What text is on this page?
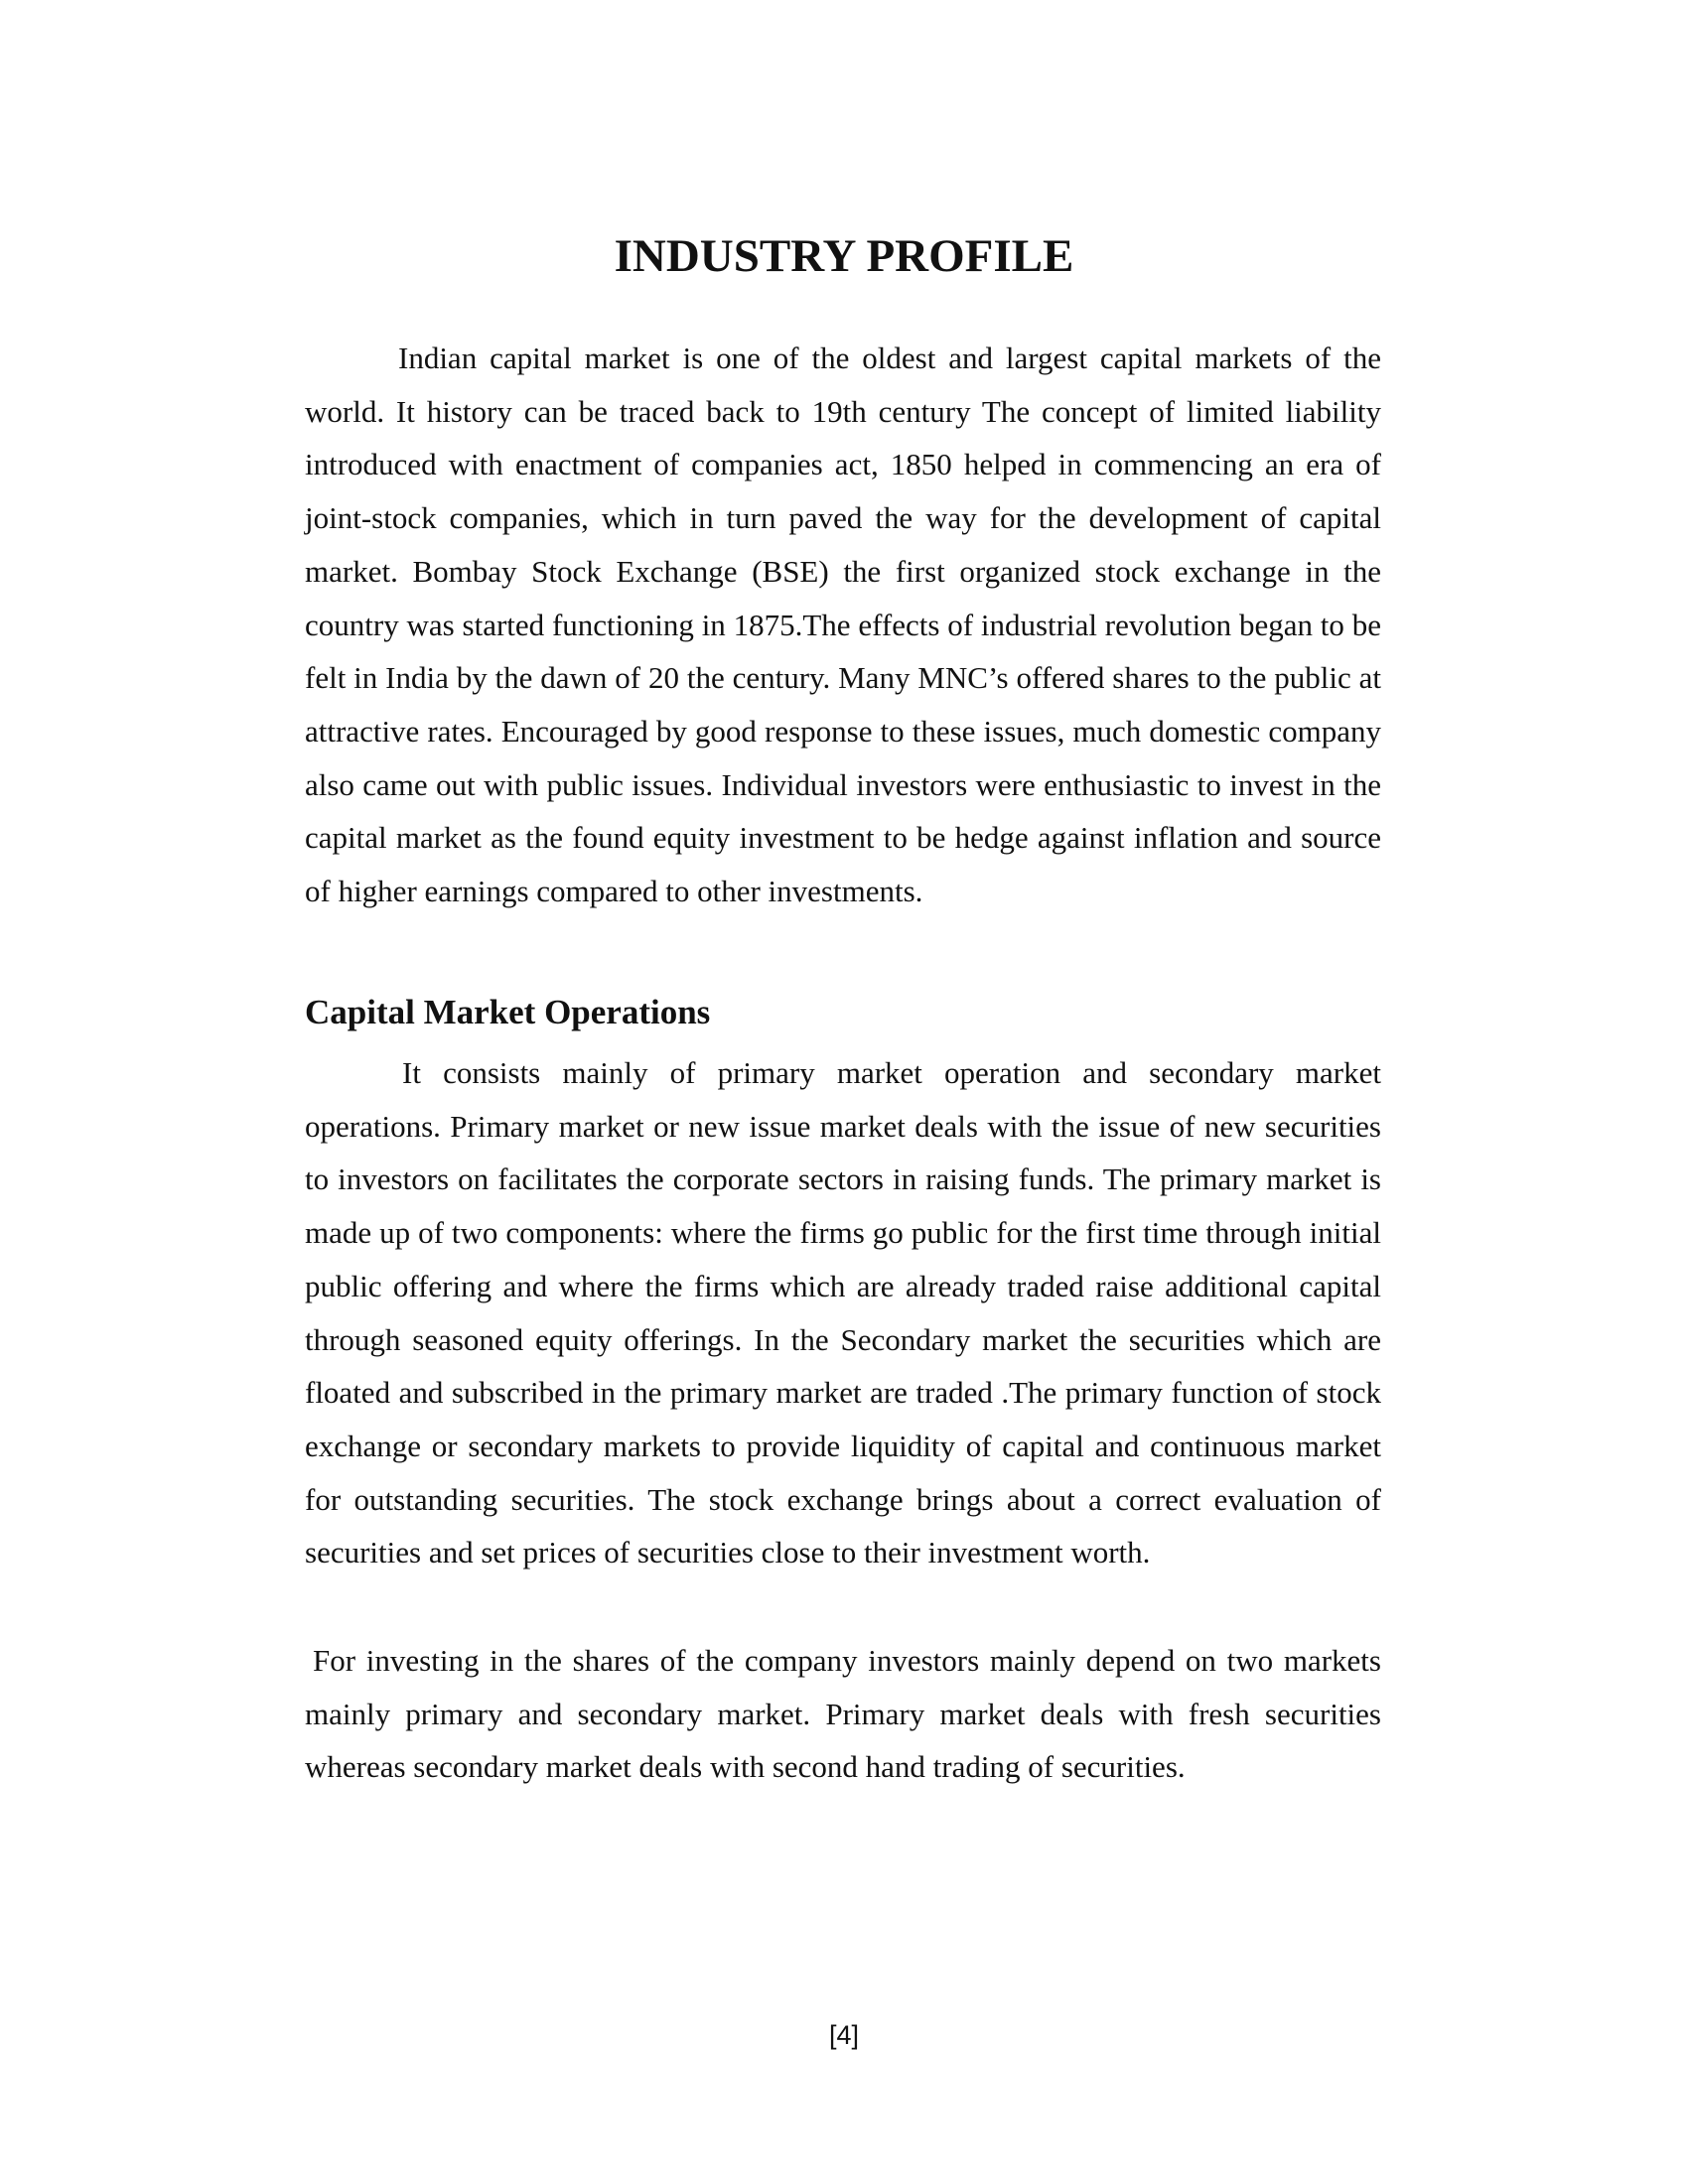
INDUSTRY PROFILE

Indian capital market is one of the oldest and largest capital markets of the world. It history can be traced back to 19th century The concept of limited liability introduced with enactment of companies act, 1850 helped in commencing an era of joint-stock companies, which in turn paved the way for the development of capital market. Bombay Stock Exchange (BSE) the first organized stock exchange in the country was started functioning in 1875.The effects of industrial revolution began to be felt in India by the dawn of 20 the century. Many MNC’s offered shares to the public at attractive rates. Encouraged by good response to these issues, much domestic company also came out with public issues. Individual investors were enthusiastic to invest in the capital market as the found equity investment to be hedge against inflation and source of higher earnings compared to other investments.

Capital Market Operations

It consists mainly of primary market operation and secondary market operations. Primary market or new issue market deals with the issue of new securities to investors on facilitates the corporate sectors in raising funds. The primary market is made up of two components: where the firms go public for the first time through initial public offering and where the firms which are already traded raise additional capital through seasoned equity offerings. In the Secondary market the securities which are floated and subscribed in the primary market are traded .The primary function of stock exchange or secondary markets to provide liquidity of capital and continuous market for outstanding securities. The stock exchange brings about a correct evaluation of securities and set prices of securities close to their investment worth.

For investing in the shares of the company investors mainly depend on two markets mainly primary and secondary market. Primary market deals with fresh securities whereas secondary market deals with second hand trading of securities.

[4]
